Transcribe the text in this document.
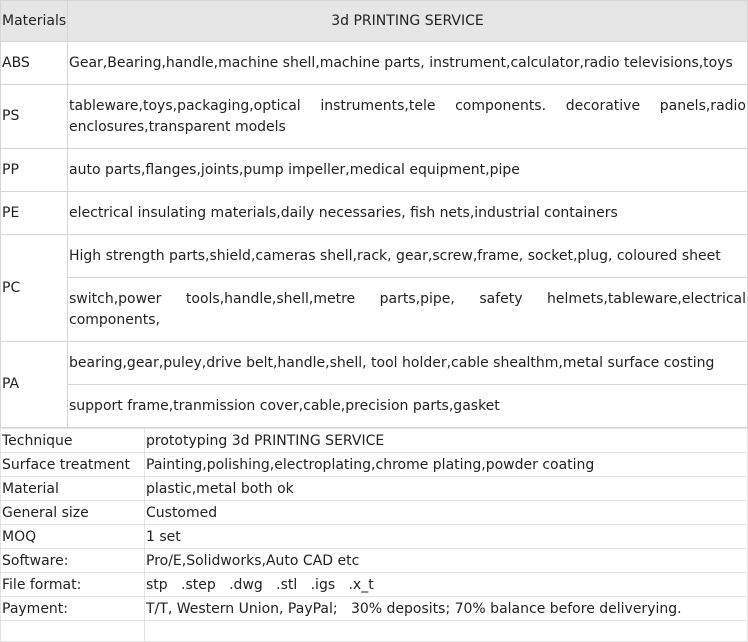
Materials	3d PRINTING SERVICE
ABS	Gear,Bearing,handle,machine shell,machine parts, instrument,calculator,radio televisions,toys
PS	tableware,toys,packaging,optical instruments,tele components. decorative panels,radio enclosures,transparent models
PP	auto parts,flanges,joints,pump impeller,medical equipment,pipe
PE	electrical insulating materials,daily necessaries, fish nets,industrial containers
PC	High strength parts,shield,cameras shell,rack, gear,screw,frame, socket,plug, coloured sheet
	switch,power tools,handle,shell,metre parts,pipe, safety helmets,tableware,electrical components,
PA	bearing,gear,puley,drive belt,handle,shell, tool holder,cable shealthm,metal surface costing
	support frame,tranmission cover,cable,precision parts,gasket
Technique	prototyping 3d PRINTING SERVICE
Surface treatment	Painting,polishing,electroplating,chrome plating,powder coating
Material	plastic,metal both ok
General size	Customed
MOQ	1 set
Software:	Pro/E,Solidworks,Auto CAD etc
File format:	stp   .step   .dwg   .stl   .igs   .x_t
Payment:	T/T, Western Union, PayPal;   30% deposits; 70% balance before deliverying.
